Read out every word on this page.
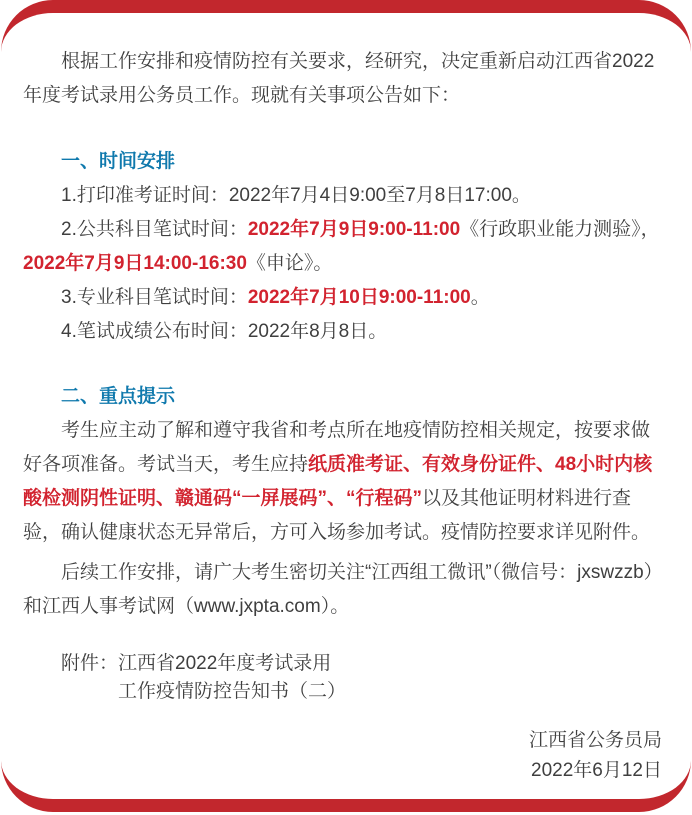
根据工作安排和疫情防控有关要求，经研究，决定重新启动江西省2022年度考试录用公务员工作。现就有关事项公告如下：

一、时间安排

1.打印准考证时间：2022年7月4日9:00至7月8日17:00。

2.公共科目笔试时间：2022年7月9日9:00-11:00《行政职业能力测验》，2022年7月9日14:00-16:30《申论》。

3.专业科目笔试时间：2022年7月10日9:00-11:00。

4.笔试成绩公布时间：2022年8月8日。

二、重点提示

考生应主动了解和遵守我省和考点所在地疫情防控相关规定，按要求做好各项准备。考试当天，考生应持纸质准考证、有效身份证件、48小时内核酸检测阴性证明、赣通码“一屏展码”、“行程码”以及其他证明材料进行查验，确认健康状态无异常后，方可入场参加考试。疫情防控要求详见附件。

后续工作安排，请广大考生密切关注“江西组工微讯”（微信号：jxswzzb）和江西人事考试网（www.jxpta.com）。

附件：江西省2022年度考试录用
工作疫情防控告知书（二）
江西省公务员局
2022年6月12日
